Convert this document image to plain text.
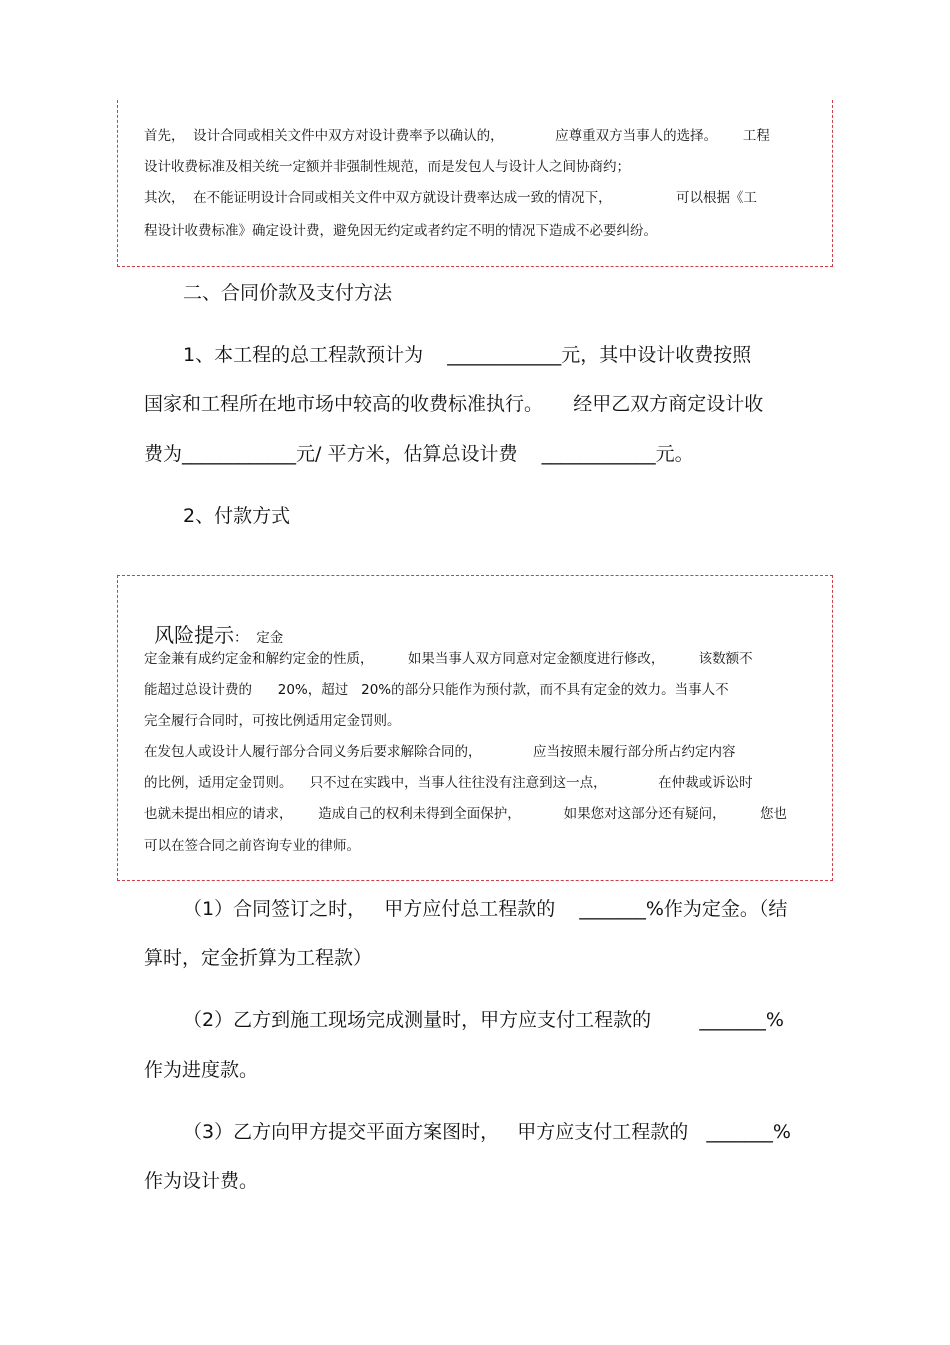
首先，  设计合同或相关文件中双方对设计费率予以确认的，            应尊重双方当事人的选择。      工程
设计收费标准及相关统一定额并非强制性规范，而是发包人与设计人之间协商约；
其次，  在不能证明设计合同或相关文件中双方就设计费率达成一致的情况下，               可以根据《工
程设计收费标准》确定设计费，避免因无约定或者约定不明的情况下造成不必要纠纷。
二、合同价款及支付方法
1、本工程的总工程款预计为    ____________元，其中设计收费按照
国家和工程所在地市场中较高的收费标准执行。     经甲乙双方商定设计收
费为____________元/ 平方米，估算总设计费    ____________元。
2、付款方式

风险提示：  定金

定金兼有成约定金和解约定金的性质，        如果当事人双方同意对定金额度进行修改，        该数额不
能超过总设计费的      20%，超过   20%的部分只能作为预付款，而不具有定金的效力。当事人不
完全履行合同时，可按比例适用定金罚则。
在发包人或设计人履行部分合同义务后要求解除合同的，            应当按照未履行部分所占约定内容
的比例，适用定金罚则。    只不过在实践中，当事人往往没有注意到这一点，            在仲裁或诉讼时
也就未提出相应的请求，      造成自己的权利未得到全面保护，          如果您对这部分还有疑问，        您也
可以在签合同之前咨询专业的律师。
（1）合同签订之时，   甲方应付总工程款的    _______%作为定金。（结
算时，定金折算为工程款）
（2）乙方到施工现场完成测量时，甲方应支付工程款的        _______%
作为进度款。
（3）乙方向甲方提交平面方案图时，   甲方应支付工程款的   _______%
作为设计费。
